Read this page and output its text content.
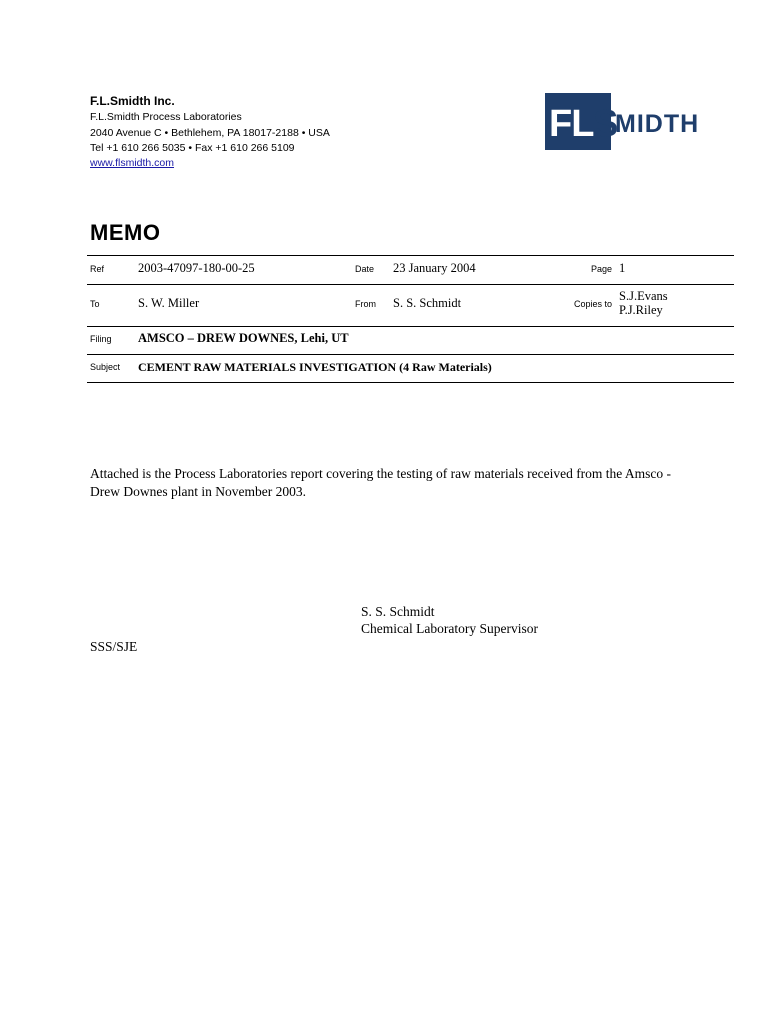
F.L.Smidth Inc.
F.L.Smidth Process Laboratories
2040 Avenue C • Bethlehem, PA 18017-2188 • USA
Tel +1 610 266 5035 • Fax +1 610 266 5109
www.flsmidth.com
FL S
MIDTH
MEMO
Ref	2003-47097-180-00-25	Date 23 January 2004	Page 1
To	S. W. Miller	From S. S. Schmidt	Copies to
S.J.Evans
P.J.Riley
Filing AMSCO – DREW DOWNES, Lehi, UT
Subject CEMENT RAW MATERIALS INVESTIGATION (4 Raw Materials)
Attached is the Process Laboratories report covering the testing of raw materials received from the Amsco - Drew Downes plant in November 2003.
S. S. Schmidt
Chemical Laboratory Supervisor
SSS/SJE
